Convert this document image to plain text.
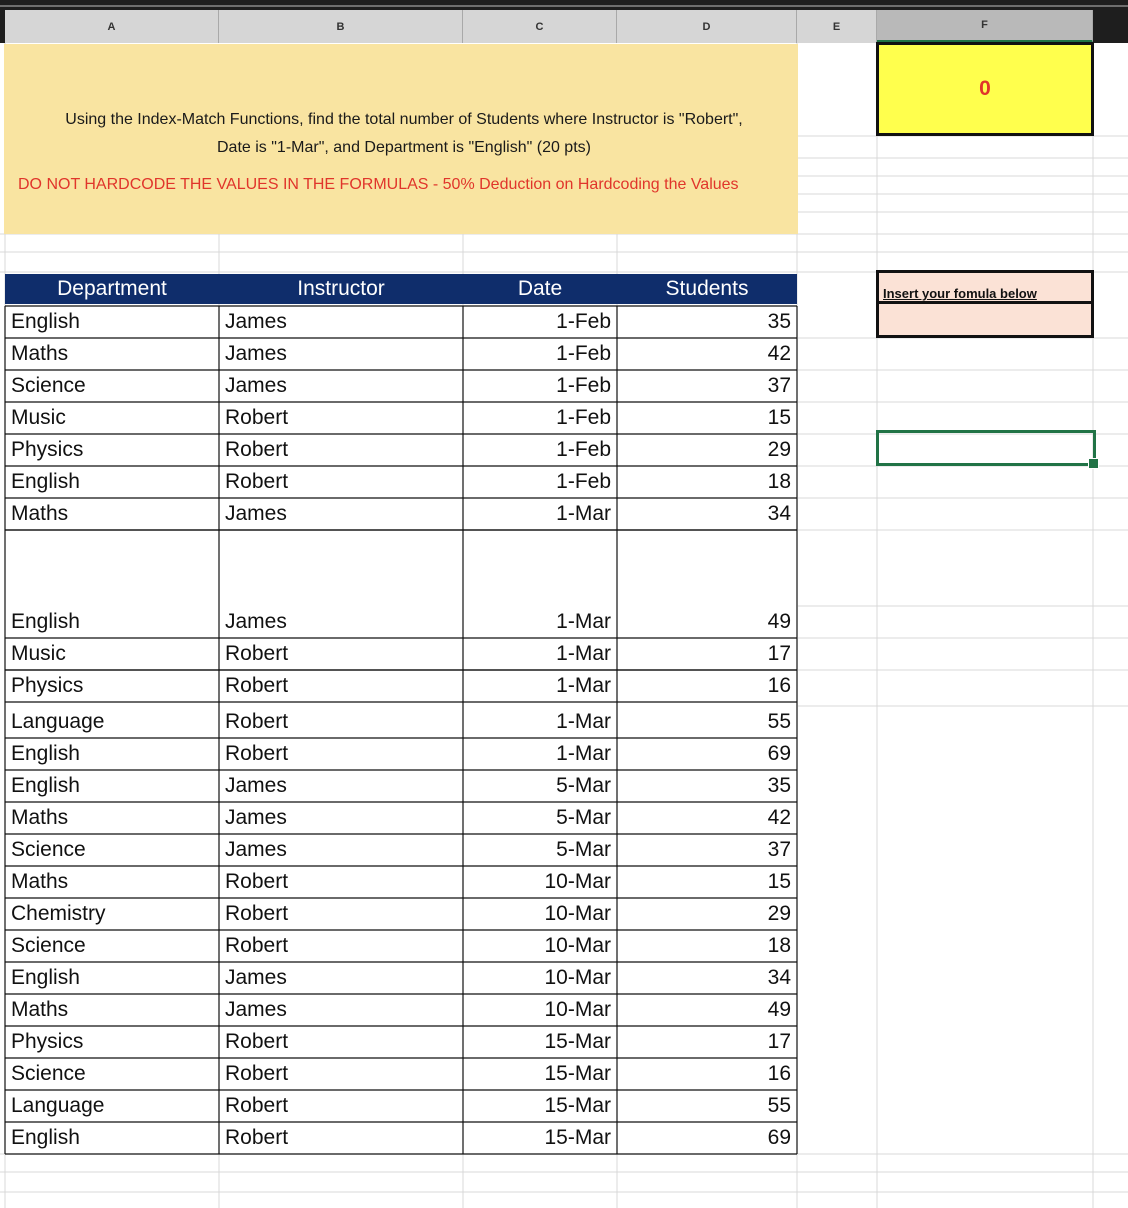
A	B	C	D	E	F
Using the Index-Match Functions, find the total number of Students where Instructor is "Robert",
Date is "1-Mar", and Department is "English" (20 pts)
DO NOT HARDCODE THE VALUES IN THE FORMULAS - 50% Deduction on Hardcoding the Values
0
Insert your fomula below
Department	Instructor	Date	Students
English	James	1-Feb	35
Maths	James	1-Feb	42
Science	James	1-Feb	37
Music	Robert	1-Feb	15
Physics	Robert	1-Feb	29
English	Robert	1-Feb	18
Maths	James	1-Mar	34
English	James	1-Mar	49
Music	Robert	1-Mar	17
Physics	Robert	1-Mar	16
Language	Robert	1-Mar	55
English	Robert	1-Mar	69
English	James	5-Mar	35
Maths	James	5-Mar	42
Science	James	5-Mar	37
Maths	Robert	10-Mar	15
Chemistry	Robert	10-Mar	29
Science	Robert	10-Mar	18
English	James	10-Mar	34
Maths	James	10-Mar	49
Physics	Robert	15-Mar	17
Science	Robert	15-Mar	16
Language	Robert	15-Mar	55
English	Robert	15-Mar	69
